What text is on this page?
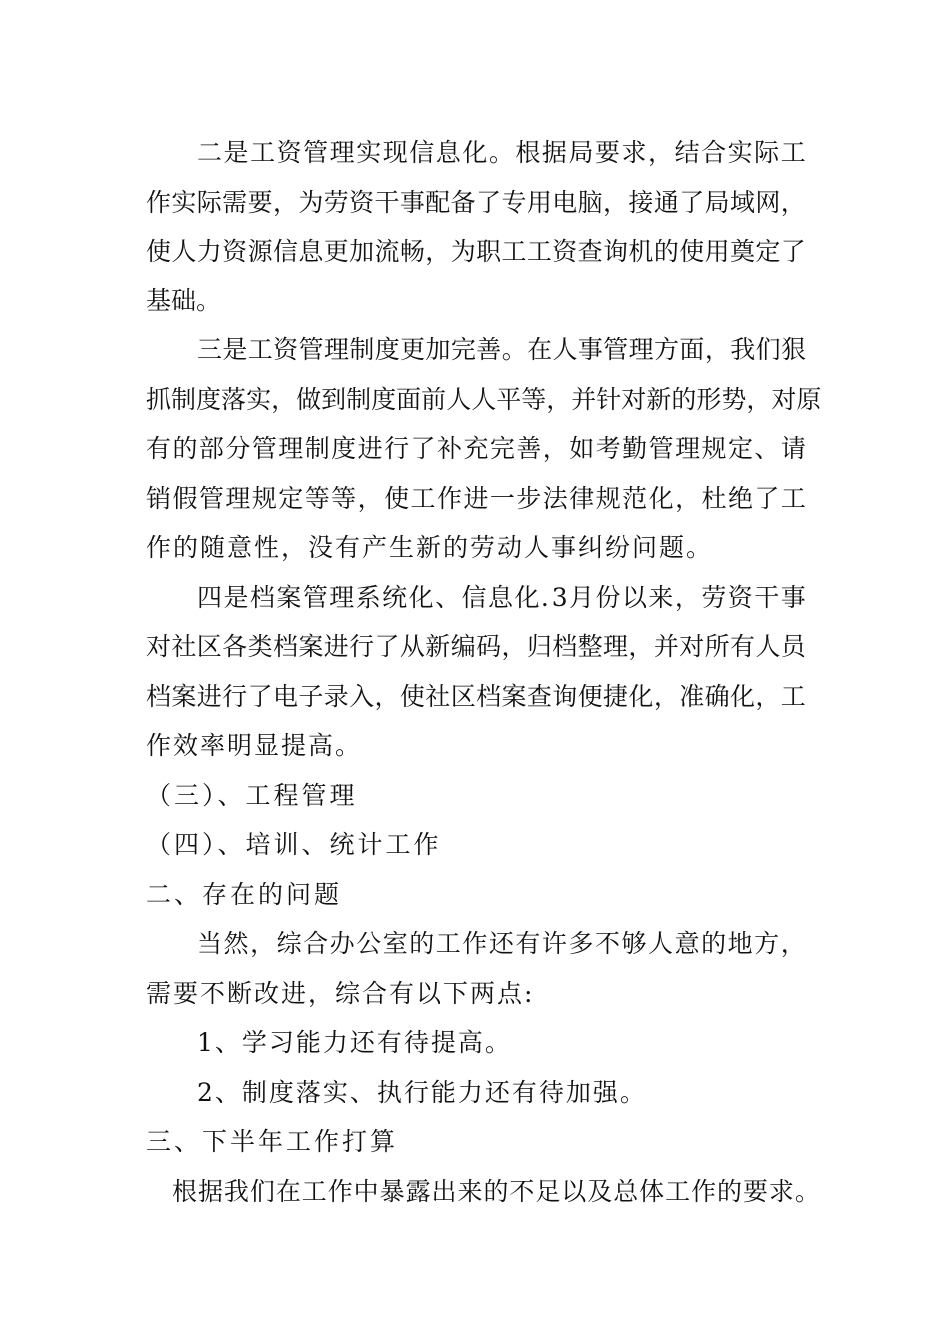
二 是 工 资 管 理 实 现 信 息 化 。 根 据 局 要 求 ， 结 合 实 际 工
作 实 际 需 要 ， 为 劳 资 干 事 配 备 了 专 用 电 脑 ， 接 通 了 局 域 网 ，
使 人 力 资 源 信 息 更 加 流 畅 ， 为 职 工 工 资 查 询 机 的 使 用 奠 定 了
基础。
三 是 工 资 管 理 制 度 更 加 完 善 。 在 人 事 管 理 方 面 ， 我 们 狠
抓 制 度 落 实 ， 做 到 制 度 面 前 人 人 平 等 ， 并 针 对 新 的 形 势 ， 对 原
有 的 部 分 管 理 制 度 进 行 了 补 充 完 善 ， 如 考 勤 管 理 规 定 、 请
销 假 管 理 规 定 等 等 ， 使 工 作 进 一 步 法 律 规 范 化 ， 杜 绝 了 工
作的随意性，没有产生新的劳动人事纠纷问题。
四 是 档 案 管 理 系 统 化 、 信 息 化 . 3 月 份 以 来 ， 劳 资 干 事
对 社 区 各 类 档 案 进 行 了 从 新 编 码 ， 归 档 整 理 ， 并 对 所 有 人 员
档 案 进 行 了 电 子 录 入 ， 使 社 区 档 案 查 询 便 捷 化 ， 准 确 化 ， 工
作效率明显提高。
（三）、工程管理
（四）、培训、统计工作
二、存在的问题
当 然 ， 综 合 办 公 室 的 工 作 还 有 许 多 不 够 人 意 的 地 方 ，
需要不断改进，综合有以下两点:
1、学习能力还有待提高。
2、制度落实、执行能力还有待加强。
三、下半年工作打算
根 据 我 们 在 工 作 中 暴 露 出 来 的 不 足 以 及 总 体 工 作 的 要 求 。
